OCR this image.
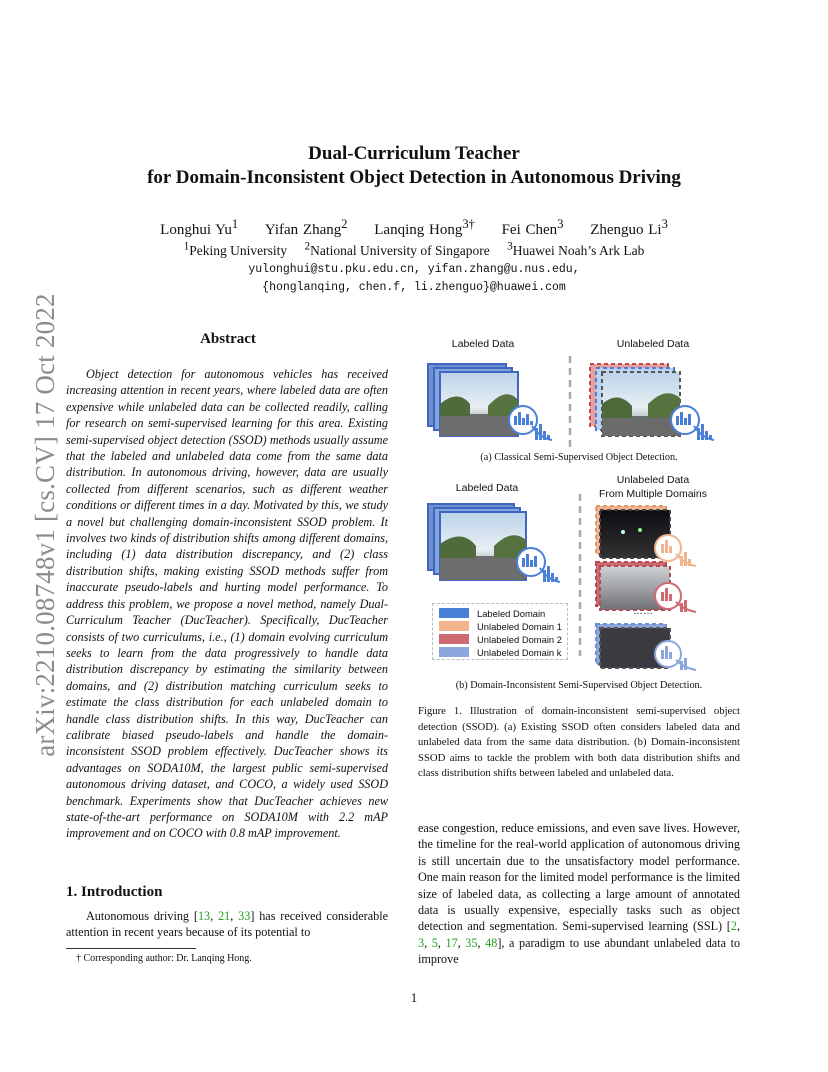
arXiv:2210.08748v1 [cs.CV] 17 Oct 2022
Dual-Curriculum Teacher
for Domain-Inconsistent Object Detection in Autonomous Driving
Longhui Yu$^1$ Yifan Zhang$^2$ Lanqing Hong$^{3\dagger}$ Fei Chen$^3$ Zhenguo Li$^3$
$^1$Peking University $^2$National University of Singapore $^3$Huawei Noah’s Ark Lab
yulonghui@stu.pku.edu.cn, yifan.zhang@u.nus.edu,
{honglanqing, chen.f, li.zhenguo}@huawei.com
Abstract

Object detection for autonomous vehicles has received increasing attention in recent years, where labeled data are often expensive while unlabeled data can be collected readily, calling for research on semi-supervised learning for this area. Existing semi-supervised object detection (SSOD) methods usually assume that the labeled and unlabeled data come from the same data distribution. In autonomous driving, however, data are usually collected from different scenarios, such as different weather conditions or different times in a day. Motivated by this, we study a novel but challenging domain-inconsistent SSOD problem. It involves two kinds of distribution shifts among different domains, including (1) data distribution discrepancy, and (2) class distribution shifts, making existing SSOD methods suffer from inaccurate pseudo-labels and hurting model performance. To address this problem, we propose a novel method, namely Dual-Curriculum Teacher (DucTeacher). Specifically, DucTeacher consists of two curriculums, i.e., (1) domain evolving curriculum seeks to learn from the data progressively to handle data distribution discrepancy by estimating the similarity between domains, and (2) distribution matching curriculum seeks to estimate the class distribution for each unlabeled domain to handle class distribution shifts. In this way, DucTeacher can calibrate biased pseudo-labels and handle the domain-inconsistent SSOD problem effectively. DucTeacher shows its advantages on SODA10M, the largest public semi-supervised autonomous driving dataset, and COCO, a widely used SSOD benchmark. Experiments show that DucTeacher achieves new state-of-the-art performance on SODA10M with 2.2 mAP improvement and on COCO with 0.8 mAP improvement.

1. Introduction

Autonomous driving [13, 21, 33] has received considerable attention in recent years because of its potential to

† Corresponding author: Dr. Lanqing Hong.
Labeled Data	Unlabeled Data
(a) Classical Semi-Supervised Object Detection.
Labeled Data
Unlabeled Data
From Multiple Domains
……
(b) Domain-Inconsistent Semi-Supervised Object Detection.
Labeled Domain
Unlabeled Domain 1
Unlabeled Domain 2
Unlabeled Domain k
Figure 1. Illustration of domain-inconsistent semi-supervised object detection (SSOD). (a) Existing SSOD often considers labeled data and unlabeled data from the same data distribution. (b) Domain-inconsistent SSOD aims to tackle the problem with both data distribution shifts and class distribution shifts between labeled and unlabeled data.

ease congestion, reduce emissions, and even save lives. However, the timeline for the real-world application of autonomous driving is still uncertain due to the unsatisfactory model performance. One main reason for the limited model performance is the limited size of labeled data, as collecting a large amount of annotated data is usually expensive, especially tasks such as object detection and segmentation. Semi-supervised learning (SSL) [2, 3, 5, 17, 35, 48], a paradigm to use abundant unlabeled data to improve

1
